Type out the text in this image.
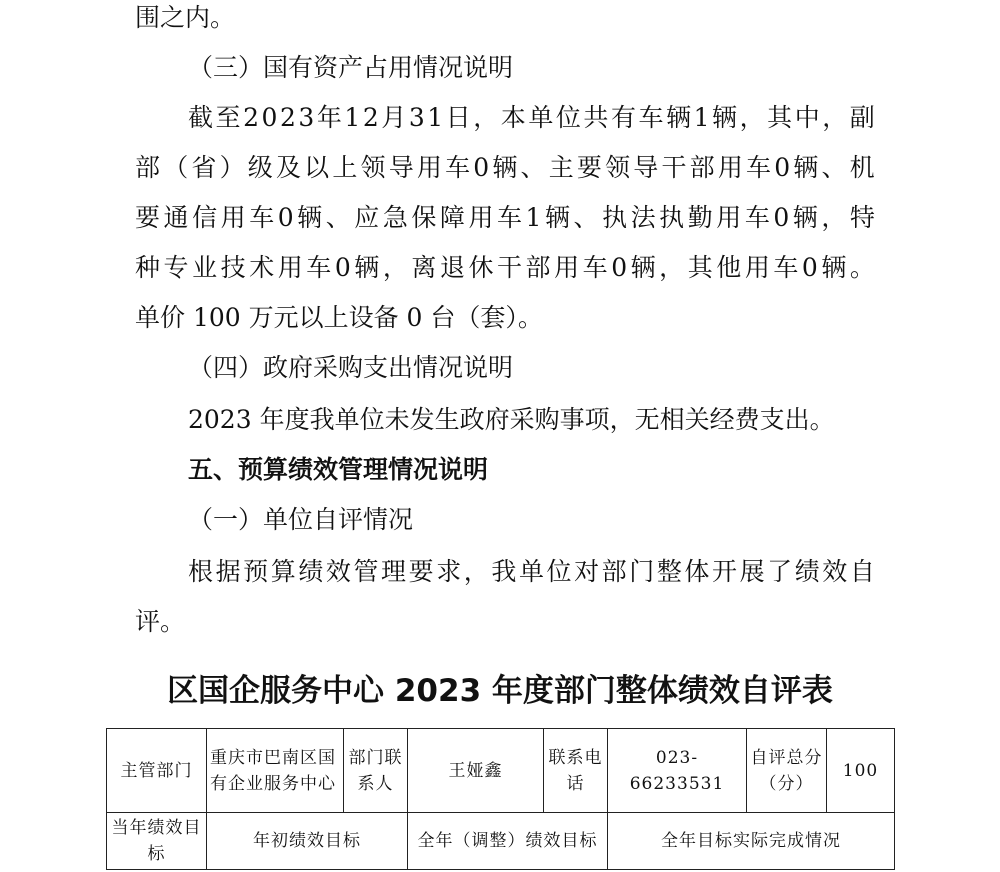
围之内。
（三）国有资产占用情况说明
截 至 2 0 2 3 年 1 2 月 3 1 日 ， 本 单 位 共 有 车 辆 1 辆 ， 其 中 ， 副
部 （ 省 ） 级 及 以 上 领 导 用 车 0 辆 、 主 要 领 导 干 部 用 车 0 辆 、 机
要 通 信 用 车 0 辆 、 应 急 保 障 用 车 1 辆 、 执 法 执 勤 用 车 0 辆 ， 特
种 专 业 技 术 用 车 0 辆 ， 离 退 休 干 部 用 车 0 辆 ， 其 他 用 车 0 辆 。
单价 100 万元以上设备 0 台（套）。
（四）政府采购支出情况说明
2023 年度我单位未发生政府采购事项，无相关经费支出。
五、预算绩效管理情况说明
（一）单位自评情况
根 据 预 算 绩 效 管 理 要 求 ， 我 单 位 对 部 门 整 体 开 展 了 绩 效 自
评。
区国企服务中心 2023 年度部门整体绩效自评表
主管部门	重庆市巴南区国有企业服务中心	部门联系人	王娅鑫	联系电话	023-66233531	自评总分（分）	100
当年绩效目标	年初绩效目标		全年（调整）绩效目标		全年目标实际完成情况		
